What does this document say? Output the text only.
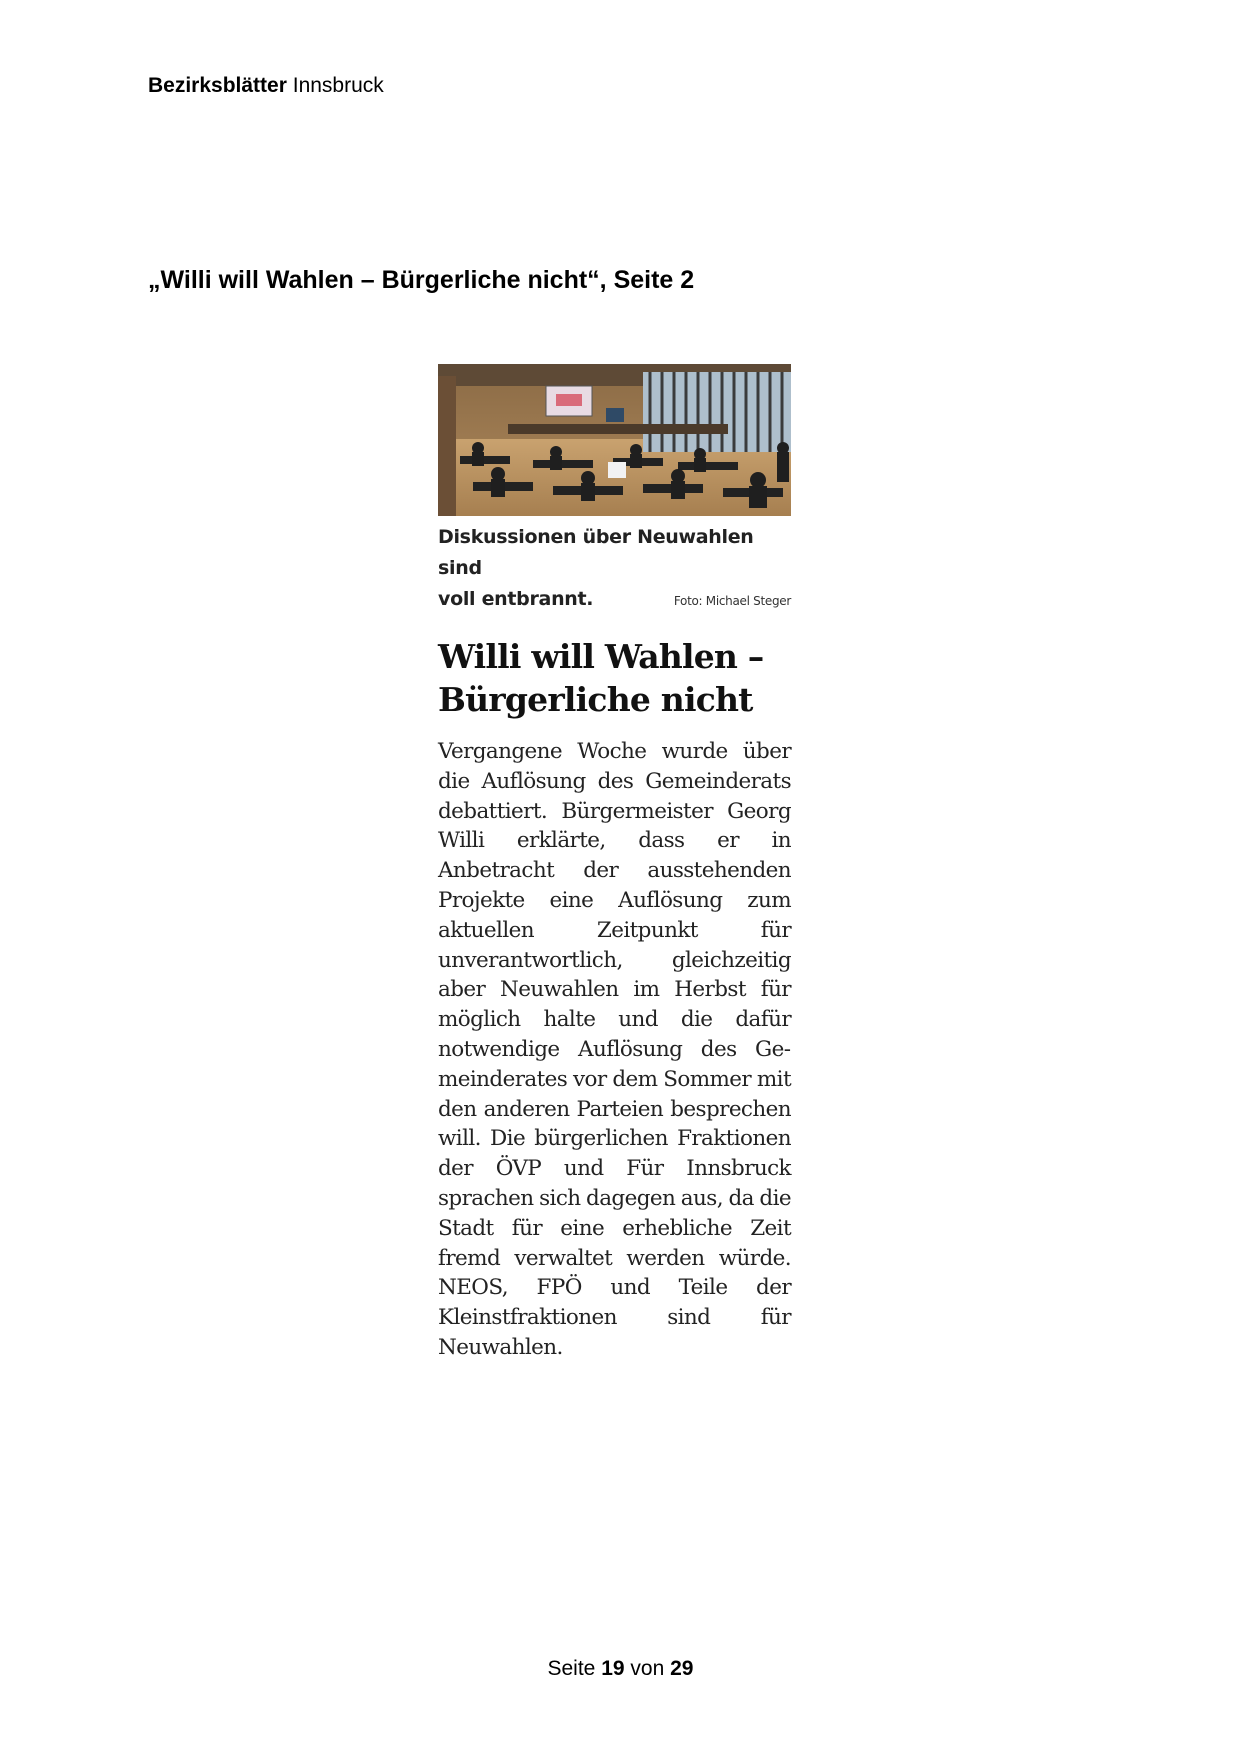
Bezirksblätter Innsbruck
„Willi will Wahlen – Bürgerliche nicht“, Seite 2
Diskussionen über Neuwahlen sind
voll entbrannt.	Foto: Michael Steger
Willi will Wahlen – Bürgerliche nicht
Vergangene Woche wurde über die Auflösung des Gemeinderats debattiert. Bürgermeister Georg Willi erklärte, dass er in Anbetracht der ausstehenden Projekte eine Auflösung zum aktuellen Zeitpunkt für unverantwortlich, gleichzeitig aber Neuwahlen im Herbst für möglich halte und die dafür notwendige Auflösung des Gemeinderates vor dem Sommer mit den anderen Parteien besprechen will. Die bürgerlichen Fraktionen der ÖVP und Für Innsbruck sprachen sich dagegen aus, da die Stadt für eine erhebliche Zeit fremd verwaltet werden würde. NEOS, FPÖ und Teile der Kleinstfraktionen sind für Neuwahlen.
Seite 19 von 29
